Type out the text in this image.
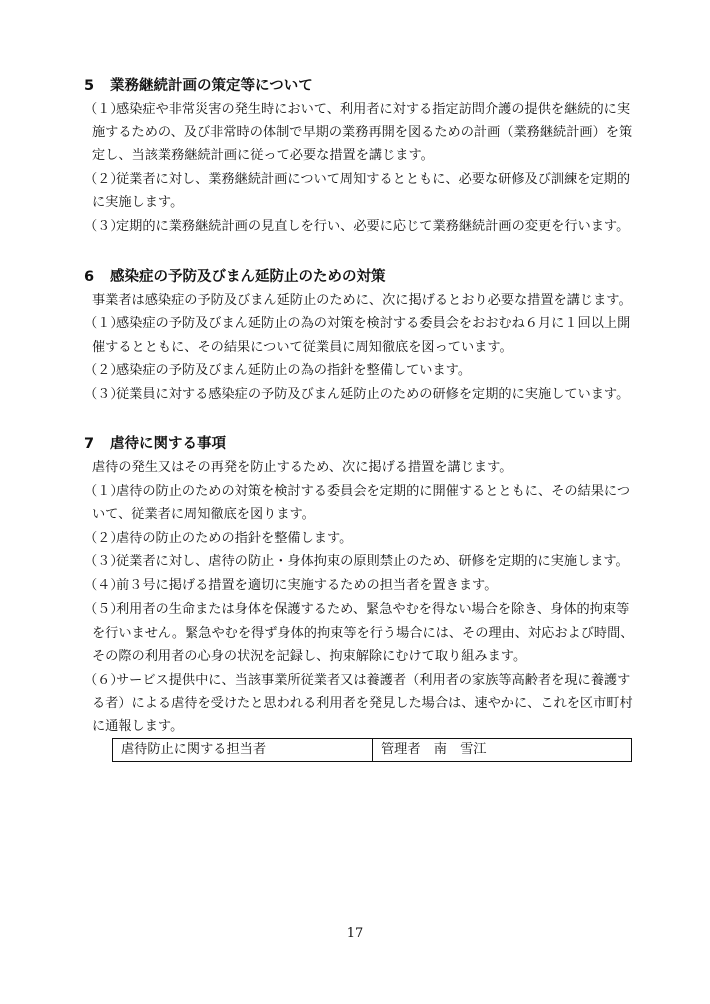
5 業務継続計画の策定等について
（１）感染症や非常災害の発生時において、利用者に対する指定訪問介護の提供を継続的に実
施するための、及び非常時の体制で早期の業務再開を図るための計画（業務継続計画）を策
定し、当該業務継続計画に従って必要な措置を講じます。
（２）従業者に対し、業務継続計画について周知するとともに、必要な研修及び訓練を定期的
に実施します。
（３）定期的に業務継続計画の見直しを行い、必要に応じて業務継続計画の変更を行います。
6 感染症の予防及びまん延防止のための対策
事業者は感染症の予防及びまん延防止のために、次に掲げるとおり必要な措置を講じます。
（１）感染症の予防及びまん延防止の為の対策を検討する委員会をおおむね６月に１回以上開
催するとともに、その結果について従業員に周知徹底を図っています。
（２）感染症の予防及びまん延防止の為の指針を整備しています。
（３）従業員に対する感染症の予防及びまん延防止のための研修を定期的に実施しています。
7 虐待に関する事項
虐待の発生又はその再発を防止するため、次に掲げる措置を講じます。
（１）虐待の防止のための対策を検討する委員会を定期的に開催するとともに、その結果につ
いて、従業者に周知徹底を図ります。
（２）虐待の防止のための指針を整備します。
（３）従業者に対し、虐待の防止・身体拘束の原則禁止のため、研修を定期的に実施します。
（４）前３号に掲げる措置を適切に実施するための担当者を置きます。
（５）利用者の生命または身体を保護するため、緊急やむを得ない場合を除き、身体的拘束等
を行いません。緊急やむを得ず身体的拘束等を行う場合には、その理由、対応および時間、
その際の利用者の心身の状況を記録し、拘束解除にむけて取り組みます。
（６）サービス提供中に、当該事業所従業者又は養護者（利用者の家族等高齢者を現に養護す
る者）による虐待を受けたと思われる利用者を発見した場合は、速やかに、これを区市町村
に通報します。
虐待防止に関する担当者	管理者　南　雪江
17
